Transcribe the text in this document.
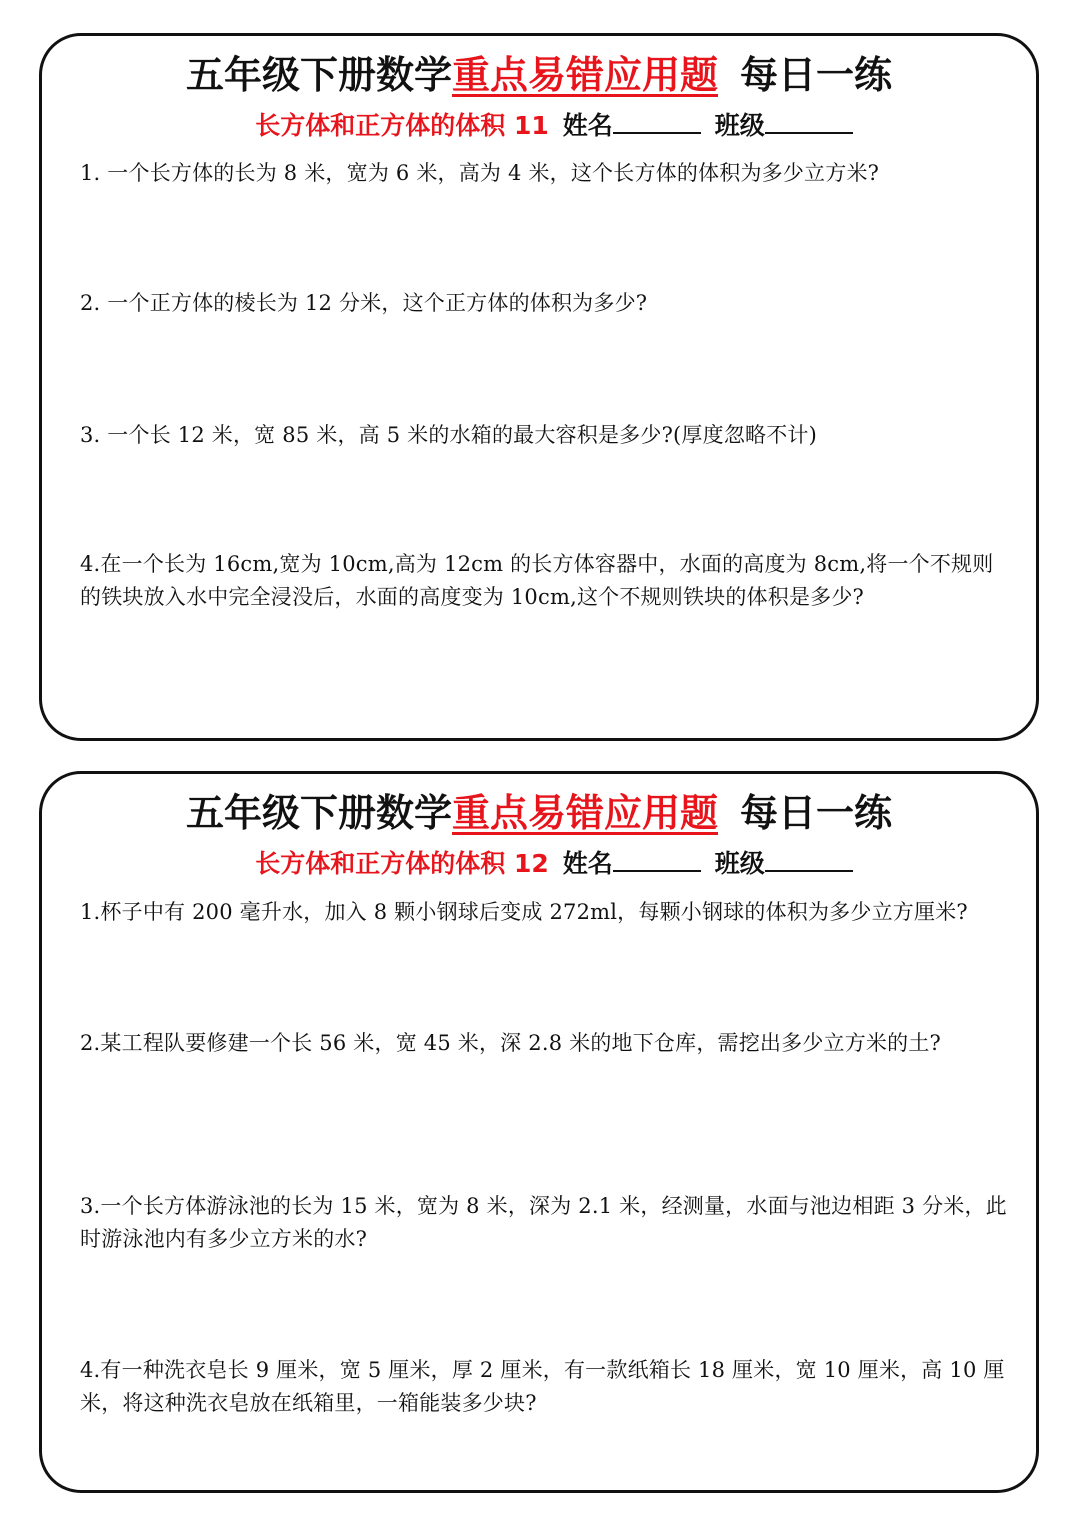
五年级下册数学重点易错应用题 每日一练
长方体和正方体的体积 11 姓名	班级
1. 一个长方体的长为 8 米，宽为 6 米，高为 4 米，这个长方体的体积为多少立方米?
2. 一个正方体的棱长为 12 分米，这个正方体的体积为多少?
3. 一个长 12 米，宽 85 米，高 5 米的水箱的最大容积是多少?(厚度忽略不计)
4.在一个长为 16cm,宽为 10cm,高为 12cm 的长方体容器中，水面的高度为 8cm,将一个不规则的铁块放入水中完全浸没后，水面的高度变为 10cm,这个不规则铁块的体积是多少?
五年级下册数学重点易错应用题 每日一练
长方体和正方体的体积 12 姓名	班级
1.杯子中有 200 毫升水，加入 8 颗小钢球后变成 272ml，每颗小钢球的体积为多少立方厘米?
2.某工程队要修建一个长 56 米，宽 45 米，深 2.8 米的地下仓库，需挖出多少立方米的土?
3.一个长方体游泳池的长为 15 米，宽为 8 米，深为 2.1 米，经测量，水面与池边相距 3 分米，此时游泳池内有多少立方米的水?
4.有一种洗衣皂长 9 厘米，宽 5 厘米，厚 2 厘米，有一款纸箱长 18 厘米，宽 10 厘米，高 10 厘米，将这种洗衣皂放在纸箱里，一箱能装多少块?
